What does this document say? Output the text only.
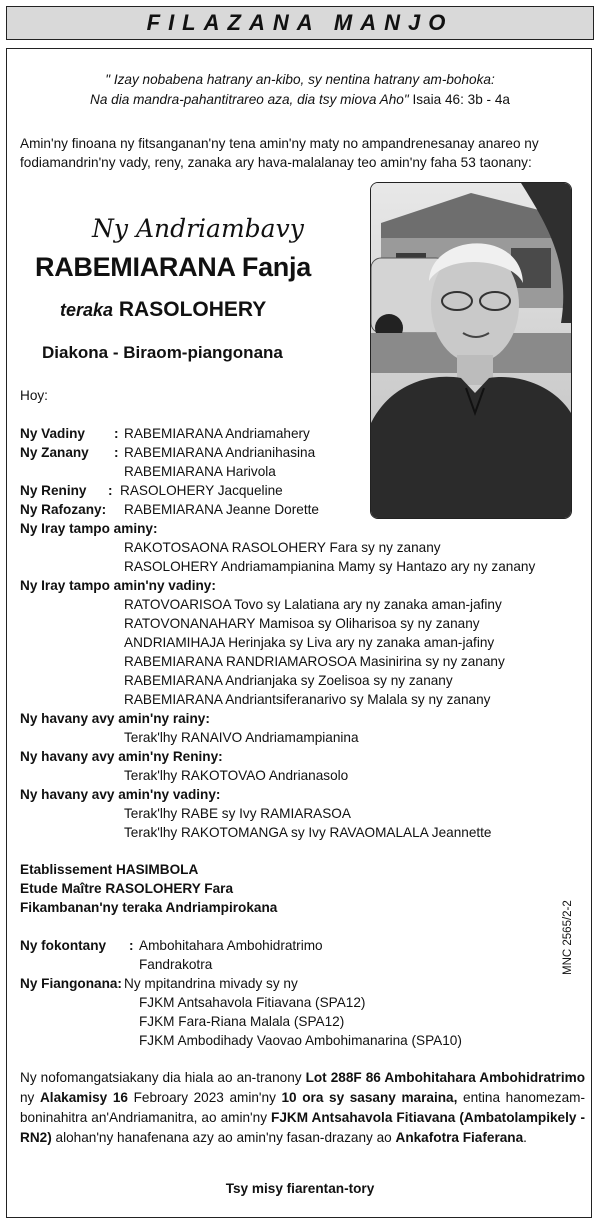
FILAZANA MANJO
" Izay nobabena hatrany an-kibo, sy nentina hatrany am-bohoka:
Na dia mandra-pahantitrareo aza, dia tsy miova Aho" Isaia 46: 3b - 4a
Amin'ny finoana ny fitsanganan'ny tena amin'ny maty no ampandrenesanay anareo ny fodiamandrin'ny vady, reny, zanaka ary hava-malalanay teo amin'ny faha 53 taonany:
Ny Andriambavy
RABEMIARANA Fanja
teraka RASOLOHERY
Diakona - Biraom-piangonana
Hoy:
Ny Vadiny : RABEMIARANA Andriamahery
Ny Zanany : RABEMIARANA Andrianihasina
RABEMIARANA Harivola
Ny Reniny : RASOLOHERY Jacqueline
Ny Rafozany: RABEMIARANA Jeanne Dorette
Ny Iray tampo aminy:
RAKOTOSAONA RASOLOHERY Fara sy ny zanany
RASOLOHERY Andriamampianina Mamy sy Hantazo ary ny zanany
Ny Iray tampo amin'ny vadiny:
RATOVOARISOA Tovo sy Lalatiana ary ny zanaka aman-jafiny
RATOVONANAHARY Mamisoa sy Oliharisoa sy ny zanany
ANDRIAMIHAJA Herinjaka sy Liva ary ny zanaka aman-jafiny
RABEMIARANA RANDRIAMAROSOA Masinirina sy ny zanany
RABEMIARANA Andrianjaka sy Zoelisoa sy ny zanany
RABEMIARANA Andriantsiferanarivo sy Malala sy ny zanany
Ny havany avy amin'ny rainy:
Terak'lhy RANAIVO Andriamampianina
Ny havany avy amin'ny Reniny:
Terak'lhy RAKOTOVAO Andrianasolo
Ny havany avy amin'ny vadiny:
Terak'lhy RABE sy Ivy RAMIARASOA
Terak'lhy RAKOTOMANGA sy Ivy RAVAOMALALA Jeannette
Etablissement HASIMBOLA
Etude Maître RASOLOHERY Fara
Fikambanan'ny teraka Andriampirokana
Ny fokontany : Ambohitahara Ambohidratrimo
Fandrakotra
Ny Fiangonana: Ny mpitandrina mivady sy ny
FJKM Antsahavola Fitiavana (SPA12)
FJKM Fara-Riana Malala (SPA12)
FJKM Ambodihady Vaovao Ambohimanarina (SPA10)
MNC 2565/2-2
Ny nofomangatsiakany dia hiala ao an-tranony Lot 288F 86 Ambohitahara Ambohidratrimo ny Alakamisy 16 Febroary 2023 amin'ny 10 ora sy sasany maraina, entina hanomezam-boninahitra an'Andriamanitra, ao amin'ny FJKM Antsahavola Fitiavana (Ambatolampikely - RN2) alohan'ny hanafenana azy ao amin'ny fasan-drazany ao Ankafotra Fiaferana.
Tsy misy fiarentan-tory
